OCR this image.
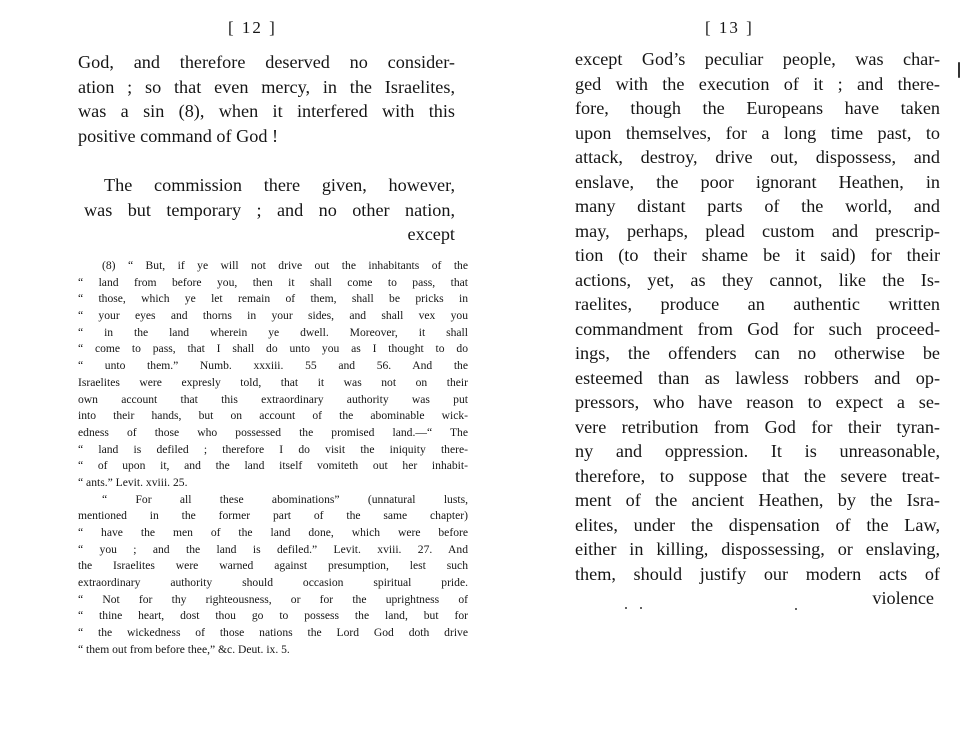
[ 12 ]
God, and therefore deserved no consider-
ation ; so that even mercy, in the Israelites,
was a sin (8), when it interfered with this
positive command of God !
The commission there given, however,
was but temporary ; and no other nation,
except
(8) “ But, if ye will not drive out the inhabitants of the
“ land from before you, then it shall come to pass, that
“ those, which ye let remain of them, shall be pricks in
“ your eyes and thorns in your sides, and shall vex you
“ in the land wherein ye dwell. Moreover, it shall
“ come to pass, that I shall do unto you as I thought to do
“ unto them.” Numb. xxxiii. 55 and 56. And the
Israelites were expresly told, that it was not on their
own account that this extraordinary authority was put
into their hands, but on account of the abominable wick-
edness of those who possessed the promised land.—“ The
“ land is defiled ; therefore I do visit the iniquity there-
“ of upon it, and the land itself vomiteth out her inhabit-
“ ants.” Levit. xviii. 25.
“ For all these abominations” (unnatural lusts,
mentioned in the former part of the same chapter)
“ have the men of the land done, which were before
“ you ; and the land is defiled.” Levit. xviii. 27. And
the Israelites were warned against presumption, lest such
extraordinary authority should occasion spiritual pride.
“ Not for thy righteousness, or for the uprightness of
“ thine heart, dost thou go to possess the land, but for
“ the wickedness of those nations the Lord God doth drive
“ them out from before thee,” &c. Deut. ix. 5.
[ 13 ]
except God’s peculiar people, was char-
ged with the execution of it ; and there-
fore, though the Europeans have taken
upon themselves, for a long time past, to
attack, destroy, drive out, dispossess, and
enslave, the poor ignorant Heathen, in
many distant parts of the world, and
may, perhaps, plead custom and prescrip-
tion (to their shame be it said) for their
actions, yet, as they cannot, like the Is-
raelites, produce an authentic written
commandment from God for such proceed-
ings, the offenders can no otherwise be
esteemed than as lawless robbers and op-
pressors, who have reason to expect a se-
vere retribution from God for their tyran-
ny and oppression. It is unreasonable,
therefore, to suppose that the severe treat-
ment of the ancient Heathen, by the Isra-
elites, under the dispensation of the Law,
either in killing, dispossessing, or enslaving,
them, should justify our modern acts of
violence
